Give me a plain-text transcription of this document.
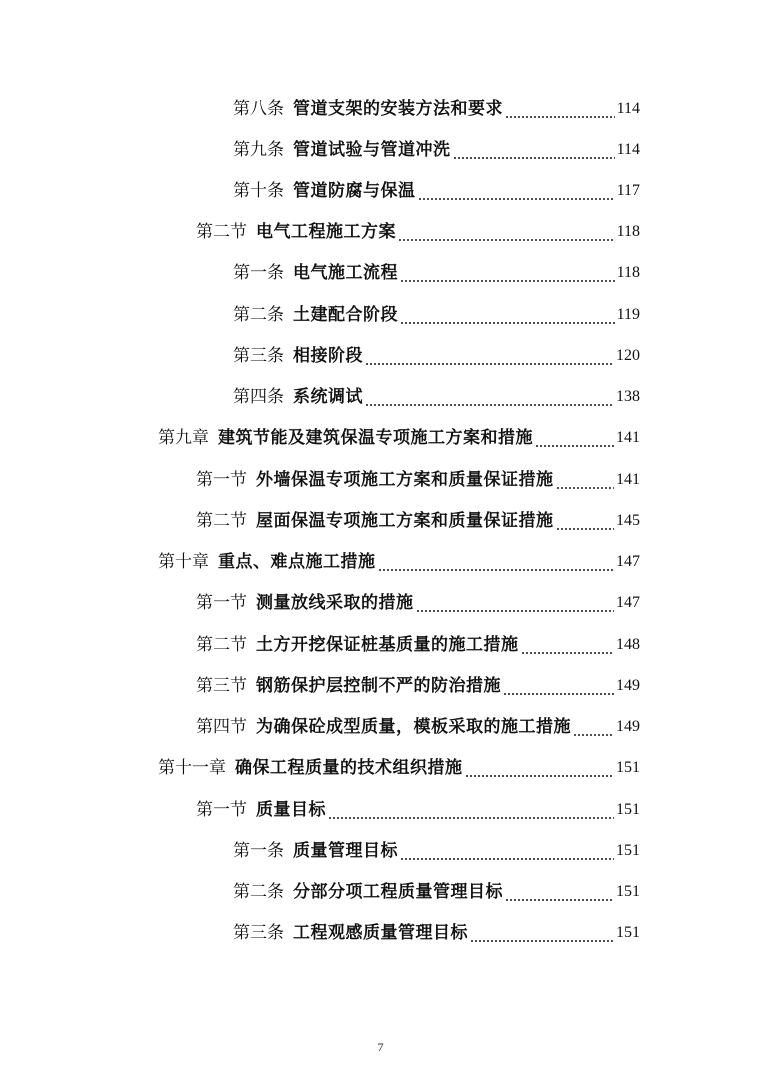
第八条 管道支架的安装方法和要求	114
第九条 管道试验与管道冲洗	114
第十条 管道防腐与保温	117
第二节 电气工程施工方案	118
第一条 电气施工流程	118
第二条 土建配合阶段	119
第三条 相接阶段	120
第四条 系统调试	138
第九章 建筑节能及建筑保温专项施工方案和措施	141
第一节 外墙保温专项施工方案和质量保证措施	141
第二节 屋面保温专项施工方案和质量保证措施	145
第十章 重点、难点施工措施	147
第一节 测量放线采取的措施	147
第二节 土方开挖保证桩基质量的施工措施	148
第三节 钢筋保护层控制不严的防治措施	149
第四节 为确保砼成型质量，模板采取的施工措施	149
第十一章 确保工程质量的技术组织措施	151
第一节 质量目标	151
第一条 质量管理目标	151
第二条 分部分项工程质量管理目标	151
第三条 工程观感质量管理目标	151
7
